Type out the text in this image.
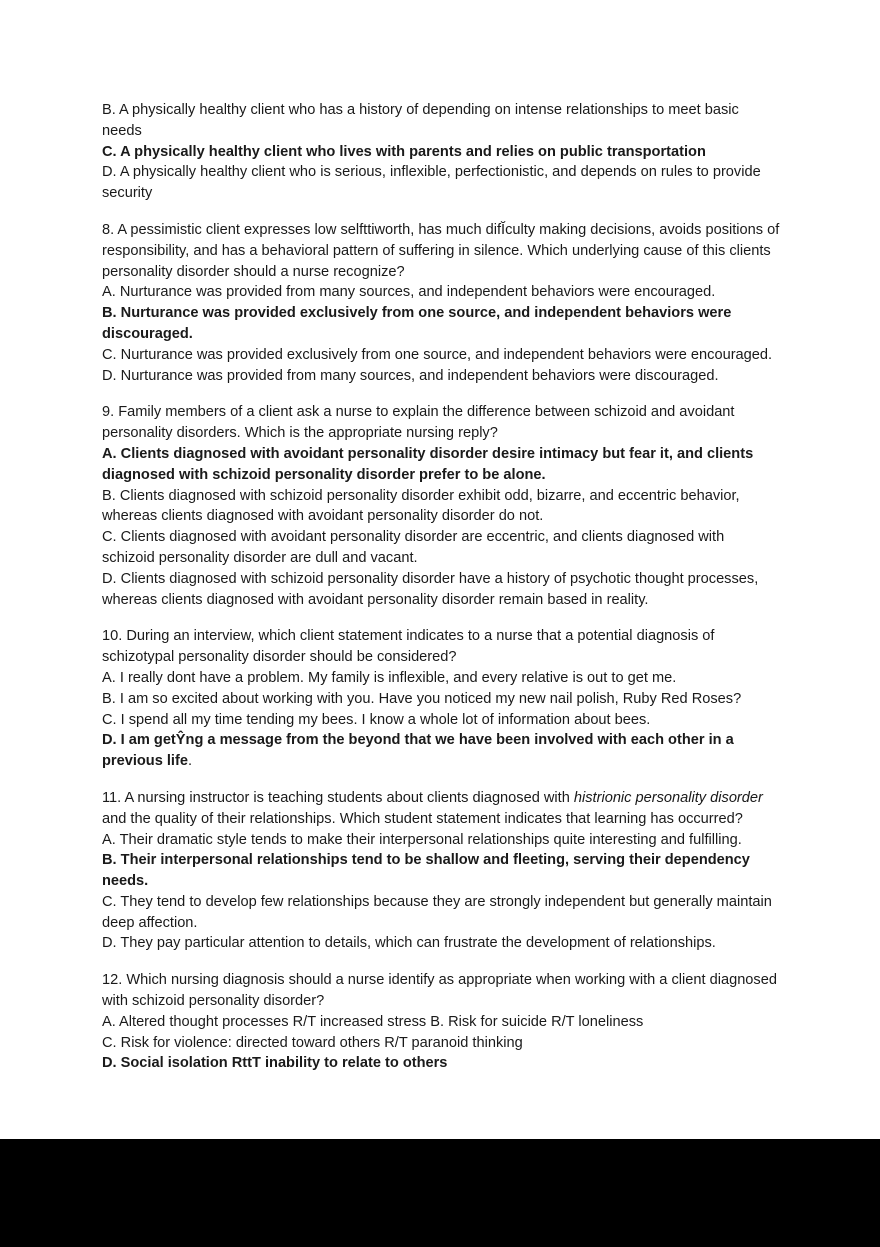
B. A physically healthy client who has a history of depending on intense relationships to meet basic needs

C. A physically healthy client who lives with parents and relies on public transportation

D. A physically healthy client who is serious, inflexible, perfectionistic, and depends on rules to provide security

8. A pessimistic client expresses low selfttiworth, has much difĬculty making decisions, avoids positions of responsibility, and has a behavioral pattern of suffering in silence. Which underlying cause of this clients personality disorder should a nurse recognize?

A. Nurturance was provided from many sources, and independent behaviors were encouraged.

B. Nurturance was provided exclusively from one source, and independent behaviors were discouraged.

C. Nurturance was provided exclusively from one source, and independent behaviors were encouraged.

D. Nurturance was provided from many sources, and independent behaviors were discouraged.

9. Family members of a client ask a nurse to explain the difference between schizoid and avoidant personality disorders. Which is the appropriate nursing reply?

A. Clients diagnosed with avoidant personality disorder desire intimacy but fear it, and clients diagnosed with schizoid personality disorder prefer to be alone.

B. Clients diagnosed with schizoid personality disorder exhibit odd, bizarre, and eccentric behavior, whereas clients diagnosed with avoidant personality disorder do not.

C. Clients diagnosed with avoidant personality disorder are eccentric, and clients diagnosed with schizoid personality disorder are dull and vacant.

D. Clients diagnosed with schizoid personality disorder have a history of psychotic thought processes, whereas clients diagnosed with avoidant personality disorder remain based in reality.

10. During an interview, which client statement indicates to a nurse that a potential diagnosis of schizotypal personality disorder should be considered?

A. I really dont have a problem. My family is inflexible, and every relative is out to get me.

B. I am so excited about working with you. Have you noticed my new nail polish, Ruby Red Roses?

C. I spend all my time tending my bees. I know a whole lot of information about bees.

D. I am getŶng a message from the beyond that we have been involved with each other in a previous life.

11. A nursing instructor is teaching students about clients diagnosed with histrionic personality disorder

and the quality of their relationships. Which student statement indicates that learning has occurred?

A. Their dramatic style tends to make their interpersonal relationships quite interesting and fulfilling.

B. Their interpersonal relationships tend to be shallow and fleeting, serving their dependency needs.

C. They tend to develop few relationships because they are strongly independent but generally maintain deep affection.

D. They pay particular attention to details, which can frustrate the development of relationships.

12. Which nursing diagnosis should a nurse identify as appropriate when working with a client diagnosed with schizoid personality disorder?

A. Altered thought processes R/T increased stress B. Risk for suicide R/T loneliness

C. Risk for violence: directed toward others R/T paranoid thinking

D. Social isolation RttT inability to relate to others
